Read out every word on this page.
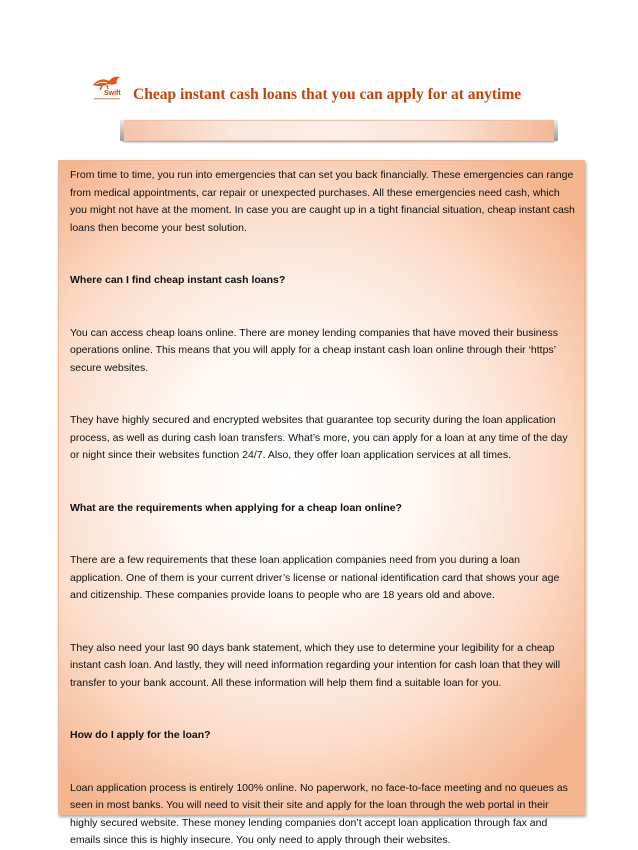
Swift Cheap instant cash loans that you can apply for at anytime

From time to time, you run into emergencies that can set you back financially. These emergencies can range from medical appointments, car repair or unexpected purchases. All these emergencies need cash, which you might not have at the moment. In case you are caught up in a tight financial situation, cheap instant cash loans then become your best solution.

Where can I find cheap instant cash loans?

You can access cheap loans online. There are money lending companies that have moved their business operations online. This means that you will apply for a cheap instant cash loan online through their ‘https’ secure websites.

They have highly secured and encrypted websites that guarantee top security during the loan application process, as well as during cash loan transfers. What’s more, you can apply for a loan at any time of the day or night since their websites function 24/7. Also, they offer loan application services at all times.

What are the requirements when applying for a cheap loan online?

There are a few requirements that these loan application companies need from you during a loan application. One of them is your current driver’s license or national identification card that shows your age and citizenship. These companies provide loans to people who are 18 years old and above.

They also need your last 90 days bank statement, which they use to determine your legibility for a cheap instant cash loan. And lastly, they will need information regarding your intention for cash loan that they will transfer to your bank account. All these information will help them find a suitable loan for you.

How do I apply for the loan?

Loan application process is entirely 100% online. No paperwork, no face-to-face meeting and no queues as seen in most banks. You will need to visit their site and apply for the loan through the web portal in their highly secured website. These money lending companies don’t accept loan application through fax and emails since this is highly insecure. You only need to apply through their websites.
